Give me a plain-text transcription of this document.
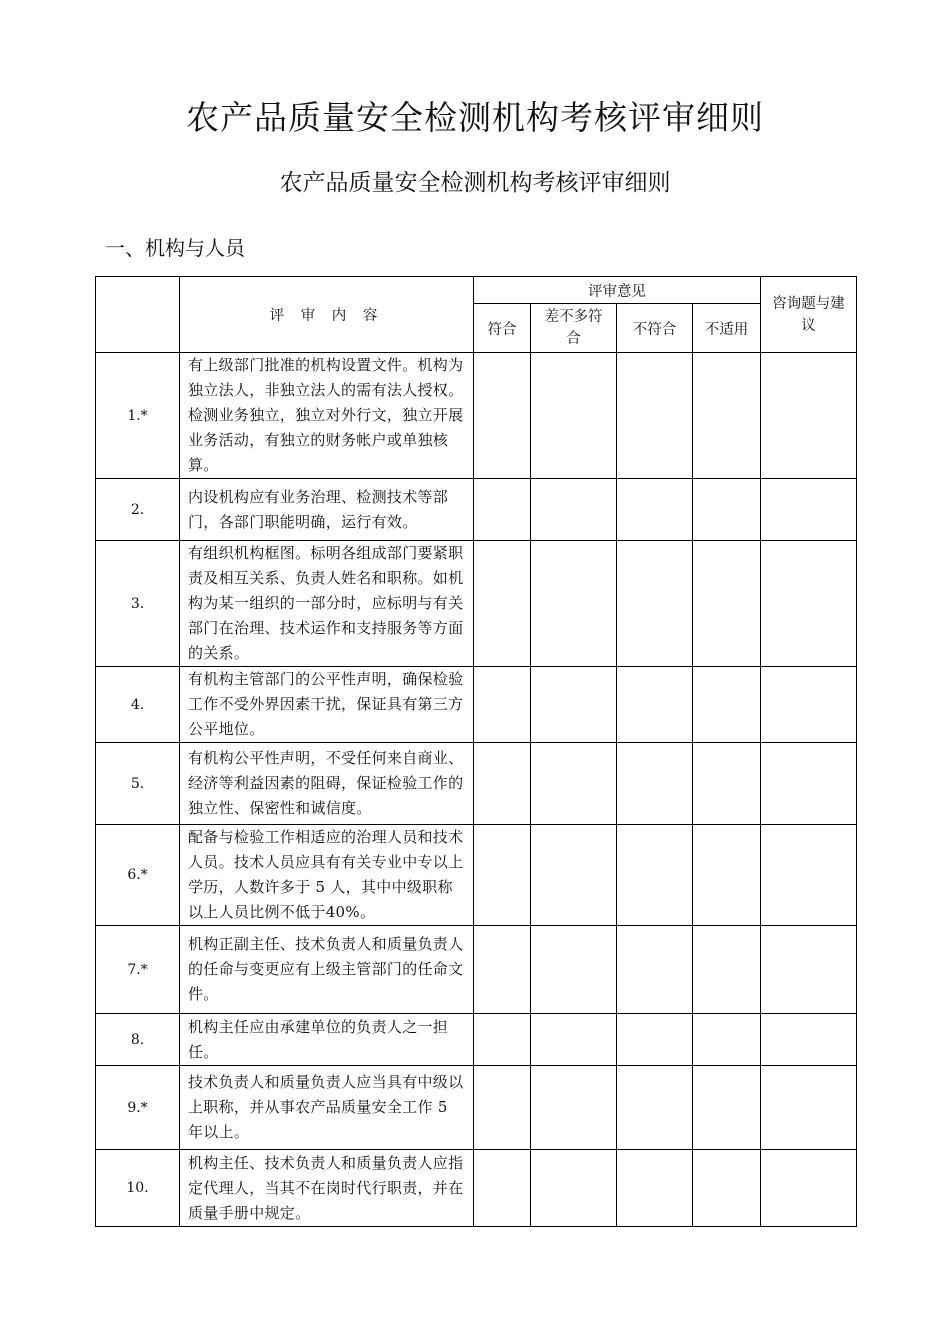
农产品质量安全检测机构考核评审细则
农产品质量安全检测机构考核评审细则
一、机构与人员
	评 审 内 容	评审意见				咨询题与建议

		符合	差不多符合	不符合	不适用	
1.*	有上级部门批准的机构设置文件。机构为独立法人，非独立法人的需有法人授权。检测业务独立，独立对外行文，独立开展业务活动，有独立的财务帐户或单独核算。					
2.	内设机构应有业务治理、检测技术等部门，各部门职能明确，运行有效。					
3.	有组织机构框图。标明各组成部门要紧职责及相互关系、负责人姓名和职称。如机构为某一组织的一部分时，应标明与有关部门在治理、技术运作和支持服务等方面的关系。					
4.	有机构主管部门的公平性声明，确保检验工作不受外界因素干扰，保证具有第三方公平地位。					
5.	有机构公平性声明，不受任何来自商业、经济等利益因素的阻碍，保证检验工作的独立性、保密性和诚信度。					
6.*	配备与检验工作相适应的治理人员和技术人员。技术人员应具有有关专业中专以上学历，人数许多于 5 人，其中中级职称以上人员比例不低于40%。					
7.*	机构正副主任、技术负责人和质量负责人的任命与变更应有上级主管部门的任命文件。					
8.	机构主任应由承建单位的负责人之一担任。					
9.*	技术负责人和质量负责人应当具有中级以上职称，并从事农产品质量安全工作 5 年以上。					
10.	机构主任、技术负责人和质量负责人应指定代理人，当其不在岗时代行职责，并在质量手册中规定。					
